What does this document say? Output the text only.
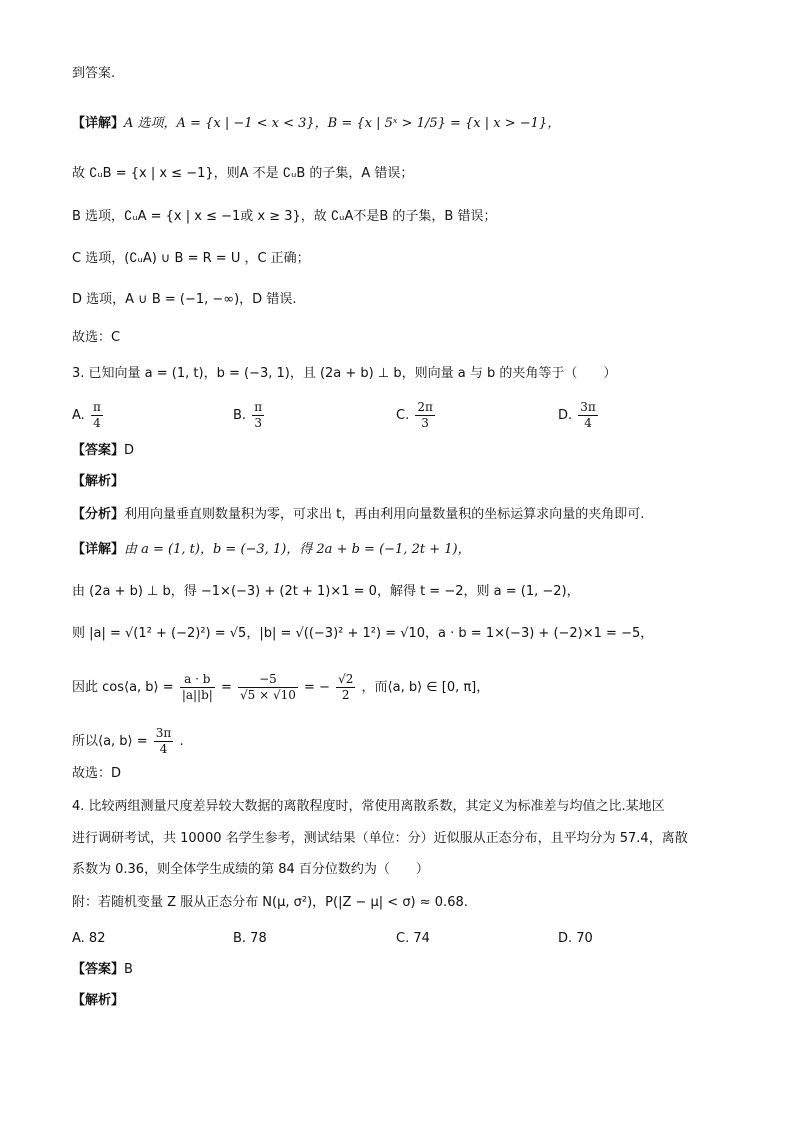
到答案.
【详解】A 选项，A = {x | −1 < x < 3}，B = {x | 5ˣ > 1/5} = {x | x > −1}，
故 ∁ᵤB = {x | x ≤ −1}，则A 不是 ∁ᵤB 的子集，A 错误；
B 选项，∁ᵤA = {x | x ≤ −1或 x ≥ 3}，故 ∁ᵤA不是B 的子集，B 错误；
C 选项，(∁ᵤA) ∪ B = R = U ，C 正确；
D 选项，A ∪ B = (−1, −∞)，D 错误.
故选：C
3. 已知向量 a = (1, t)，b = (−3, 1)，且 (2a + b) ⊥ b，则向量 a 与 b 的夹角等于（　　）
A. $\frac{\pi}{4}$	B. $\frac{\pi}{3}$	C. $\frac{2\pi}{3}$	D. $\frac{3\pi}{4}$
【答案】D
【解析】
【分析】利用向量垂直则数量积为零，可求出 t，再由利用向量数量积的坐标运算求向量的夹角即可.
【详解】由 a = (1, t)，b = (−3, 1)，得 2a + b = (−1, 2t + 1)，
由 (2a + b) ⊥ b，得 −1×(−3) + (2t + 1)×1 = 0，解得 t = −2，则 a = (1, −2)，
则 |a| = √(1² + (−2)²) = √5，|b| = √((−3)² + 1²) = √10，a · b = 1×(−3) + (−2)×1 = −5，
因此 cos⟨a, b⟩ = $\frac{a \cdot b}{|a||b|} = \frac{-5}{√5 \times √10}$ = − $\frac{√2}{2}$ ，而⟨a, b⟩ ∈ [0, π]，
所以⟨a, b⟩ = $\frac{3\pi}{4}$ .
故选：D
4. 比较两组测量尺度差异较大数据的离散程度时，常使用离散系数，其定义为标准差与均值之比.某地区
进行调研考试，共 10000 名学生参考，测试结果（单位：分）近似服从正态分布，且平均分为 57.4，离散
系数为 0.36，则全体学生成绩的第 84 百分位数约为（　　）
附：若随机变量 Z 服从正态分布 N(μ, σ²)，P(|Z − μ| < σ) ≈ 0.68.
A. 82	B. 78	C. 74	D. 70
【答案】B
【解析】
